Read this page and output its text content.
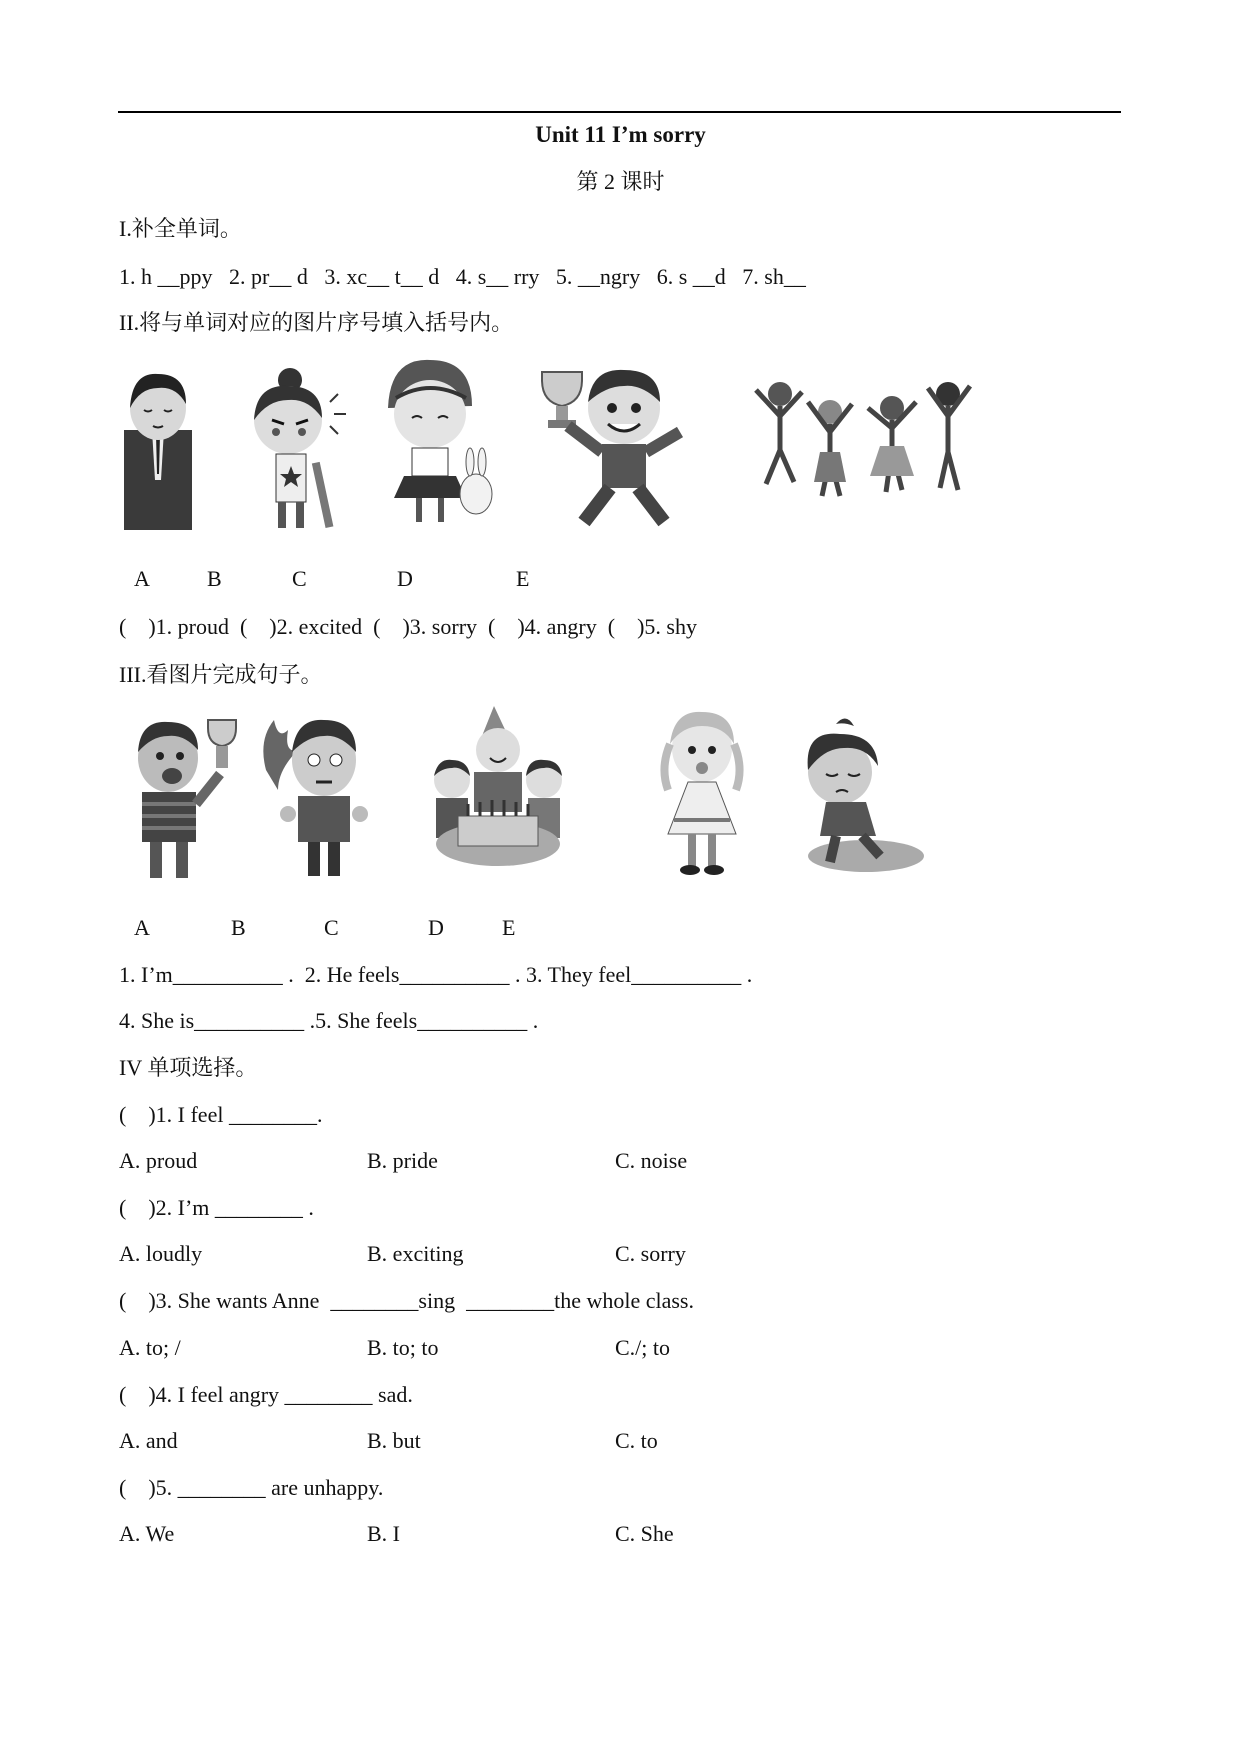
Unit 11 I’m sorry
第 2 课时
I.补全单词。
1. h __ppy   2. pr__ d   3. xc__ t__ d   4. s__ rry   5. __ngry   6. s __d   7. sh__
II.将与单词对应的图片序号填入括号内。
A	B	C	D	E
(    )1. proud  (    )2. excited  (    )3. sorry  (    )4. angry  (    )5. shy
III.看图片完成句子。
A	B	C	D	E
1. I’m__________ .  2. He feels__________ . 3. They feel__________ .
4. She is__________ .5. She feels__________ .
IV 单项选择。
(    )1. I feel ________.
A. proud	B. pride	C. noise
(    )2. I’m ________ .
A. loudly	B. exciting	C. sorry
(    )3. She wants Anne  ________sing  ________the whole class.
A. to; /	B. to; to	C./; to
(    )4. I feel angry ________ sad.
A. and	B. but	C. to
(    )5. ________ are unhappy.
A. We	B. I	C. She
